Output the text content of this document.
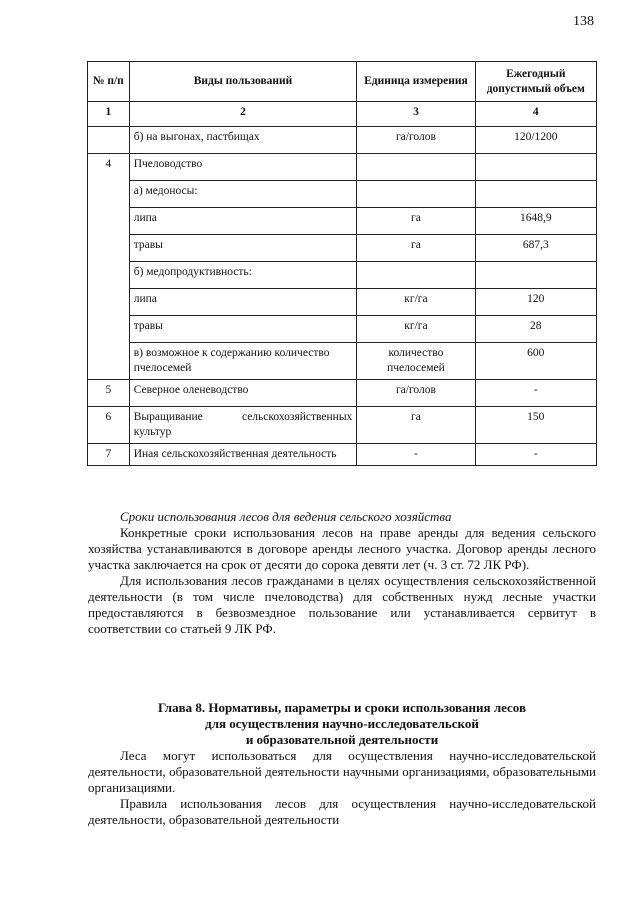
138
№ п/п	Виды пользований	Единица измерения	Ежегодный допустимый объем
1	2	3	4
	б) на выгонах, пастбищах	га/голов	120/1200
4	Пчеловодство		
	а) медоносы:		
	липа	га	1648,9
	травы	га	687,3
	б) медопродуктивность:		
	липа	кг/га	120
	травы	кг/га	28
	в) возможное к содержанию количество пчелосемей	количество пчелосемей	600
5	Северное оленеводство	га/голов	-
6	Выращивание сельскохозяйственных культур	га	150
7	Иная сельскохозяйственная деятельность	-	-

Сроки использования лесов для ведения сельского хозяйства

Конкретные сроки использования лесов на праве аренды для ведения сельского хозяйства устанавливаются в договоре аренды лесного участка. Договор аренды лесного участка заключается на срок от десяти до сорока девяти лет (ч. 3 ст. 72 ЛК РФ).

Для использования лесов гражданами в целях осуществления сельскохозяйственной деятельности (в том числе пчеловодства) для собственных нужд лесные участки предоставляются в безвозмездное пользование или устанавливается сервитут в соответствии со статьей 9 ЛК РФ.

Глава 8. Нормативы, параметры и сроки использования лесов

для осуществления научно-исследовательской

и образовательной деятельности

Леса могут использоваться для осуществления научно-исследовательской деятельности, образовательной деятельности научными организациями, образовательными организациями.

Правила использования лесов для осуществления научно-исследовательской деятельности, образовательной деятельности
